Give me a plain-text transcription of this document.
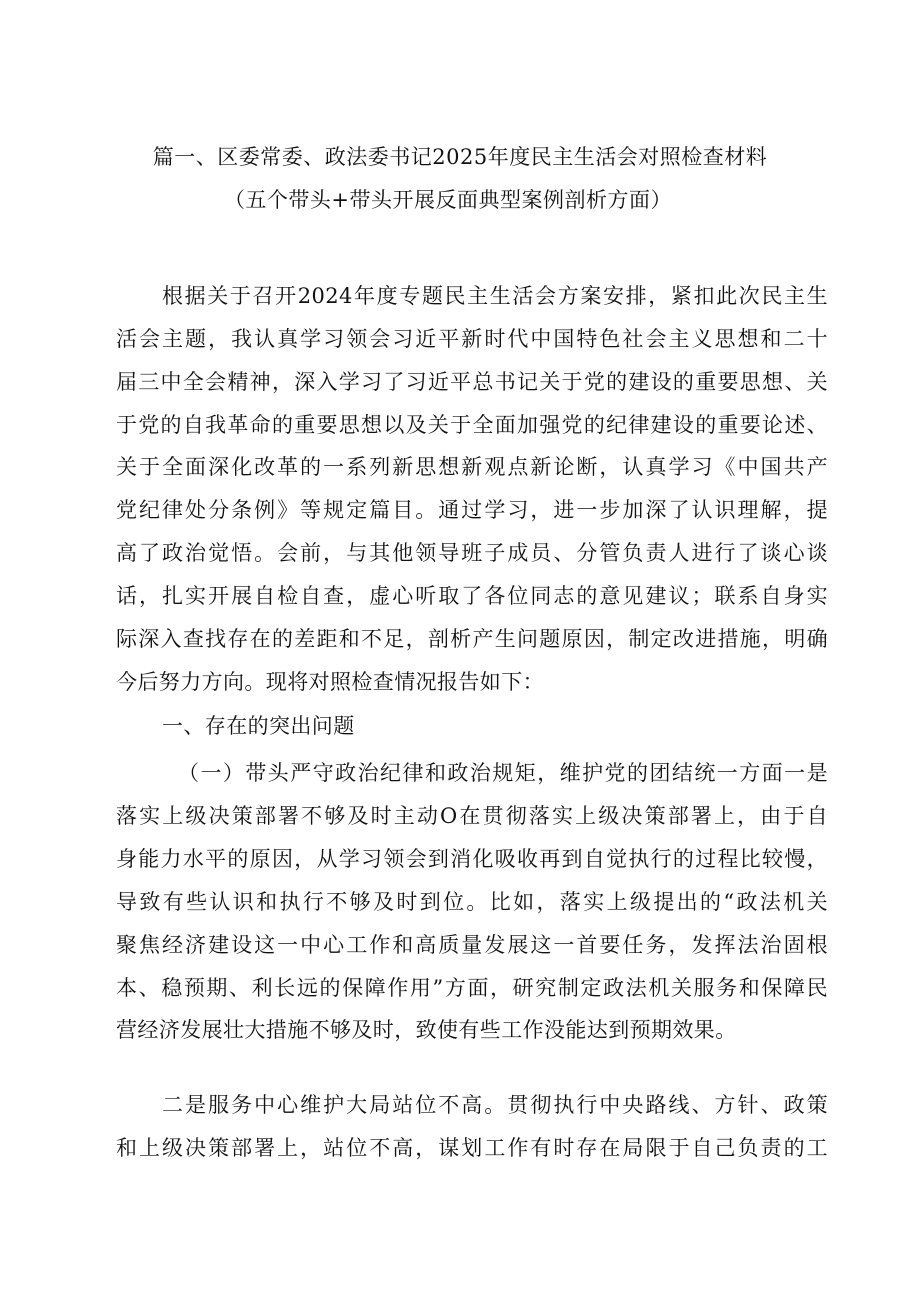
篇一、区委常委、政法委书记2025年度民主生活会对照检查材料
（五个带头+带头开展反面典型案例剖析方面）
根据关于召开2024年度专题民主生活会方案安排，紧扣此次民主生
活会主题，我认真学习领会习近平新时代中国特色社会主义思想和二十
届三中全会精神，深入学习了习近平总书记关于党的建设的重要思想、关
于党的自我革命的重要思想以及关于全面加强党的纪律建设的重要论述、
关于全面深化改革的一系列新思想新观点新论断，认真学习《中国共产
党纪律处分条例》等规定篇目。通过学习，进一步加深了认识理解，提
高了政治觉悟。会前，与其他领导班子成员、分管负责人进行了谈心谈
话，扎实开展自检自查，虚心听取了各位同志的意见建议；联系自身实
际深入查找存在的差距和不足，剖析产生问题原因，制定改进措施，明确
今后努力方向。现将对照检查情况报告如下：
一、存在的突出问题
（一）带头严守政治纪律和政治规矩，维护党的团结统一方面一是
落实上级决策部署不够及时主动O在贯彻落实上级决策部署上，由于自
身能力水平的原因，从学习领会到消化吸收再到自觉执行的过程比较慢，
导致有些认识和执行不够及时到位。比如，落实上级提出的“政法机关
聚焦经济建设这一中心工作和高质量发展这一首要任务，发挥法治固根
本、稳预期、利长远的保障作用”方面，研究制定政法机关服务和保障民
营经济发展壮大措施不够及时，致使有些工作没能达到预期效果。
二是服务中心维护大局站位不高。贯彻执行中央路线、方针、政策
和上级决策部署上，站位不高，谋划工作有时存在局限于自己负责的工
